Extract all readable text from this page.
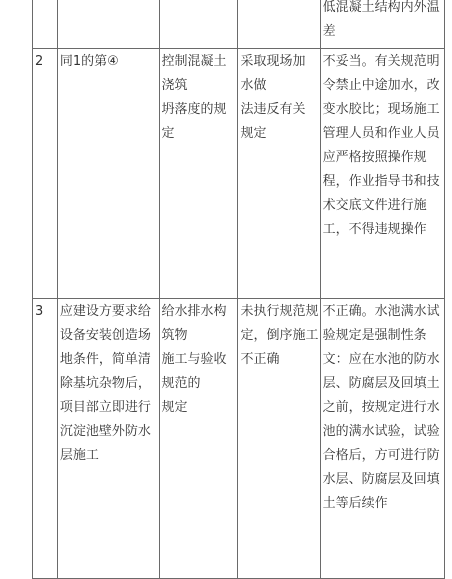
				低混凝土结构内外温差

2	同1的第④	控制混凝土
浇筑
坍落度的规
定	采取现场加
水做
法违反有关
规定	不妥当。有关规范明令禁止中途加水，改变水胶比；现场施工管理人员和作业人员应严格按照操作规程，作业指导书和技术交底文件进行施工，不得违规操作

3	应建设方要求给设备安装创造场地条件，简单清除基坑杂物后，项目部立即进行沉淀池壁外防水层施工	给水排水构
筑物
施工与验收
规范的
规定	未执行规范规定，倒序施工不正确	不正确。水池满水试验规定是强制性条文：应在水池的防水层、防腐层及回填土之前，按规定进行水池的满水试验，试验合格后，方可进行防水层、防腐层及回填土等后续作
